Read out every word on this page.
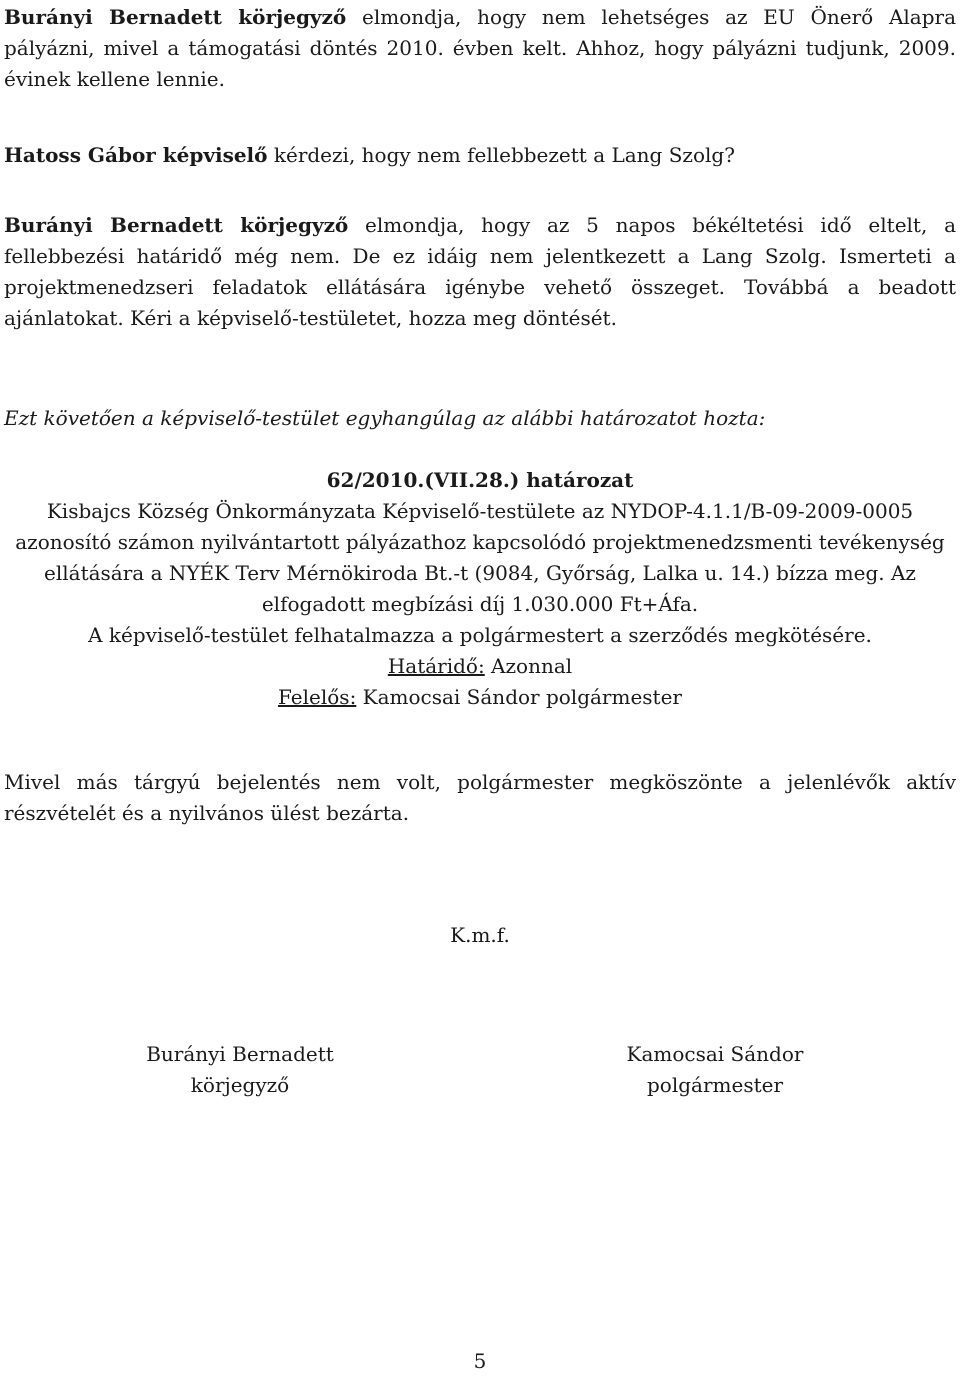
Burányi Bernadett körjegyző elmondja, hogy nem lehetséges az EU Önerő Alapra pályázni, mivel a támogatási döntés 2010. évben kelt. Ahhoz, hogy pályázni tudjunk, 2009. évinek kellene lennie.

Hatoss Gábor képviselő kérdezi, hogy nem fellebbezett a Lang Szolg?

Burányi Bernadett körjegyző elmondja, hogy az 5 napos békéltetési idő eltelt, a fellebbezési határidő még nem. De ez idáig nem jelentkezett a Lang Szolg. Ismerteti a projektmenedzseri feladatok ellátására igénybe vehető összeget. Továbbá a beadott ajánlatokat. Kéri a képviselő-testületet, hozza meg döntését.

Ezt követően a képviselő-testület egyhangúlag az alábbi határozatot hozta:

62/2010.(VII.28.) határozat
Kisbajcs Község Önkormányzata Képviselő-testülete az NYDOP-4.1.1/B-09-2009-0005 azonosító számon nyilvántartott pályázathoz kapcsolódó projektmenedzsmenti tevékenység ellátására a NYÉK Terv Mérnökiroda Bt.-t (9084, Győrság, Lalka u. 14.) bízza meg. Az elfogadott megbízási díj 1.030.000 Ft+Áfa.
A képviselő-testület felhatalmazza a polgármestert a szerződés megkötésére.
Határidő: Azonnal
Felelős: Kamocsai Sándor polgármester

Mivel más tárgyú bejelentés nem volt, polgármester megköszönte a jelenlévők aktív részvételét és a nyilvános ülést bezárta.

K.m.f.

Burányi Bernadett
körjegyző
Kamocsai Sándor
polgármester

5
